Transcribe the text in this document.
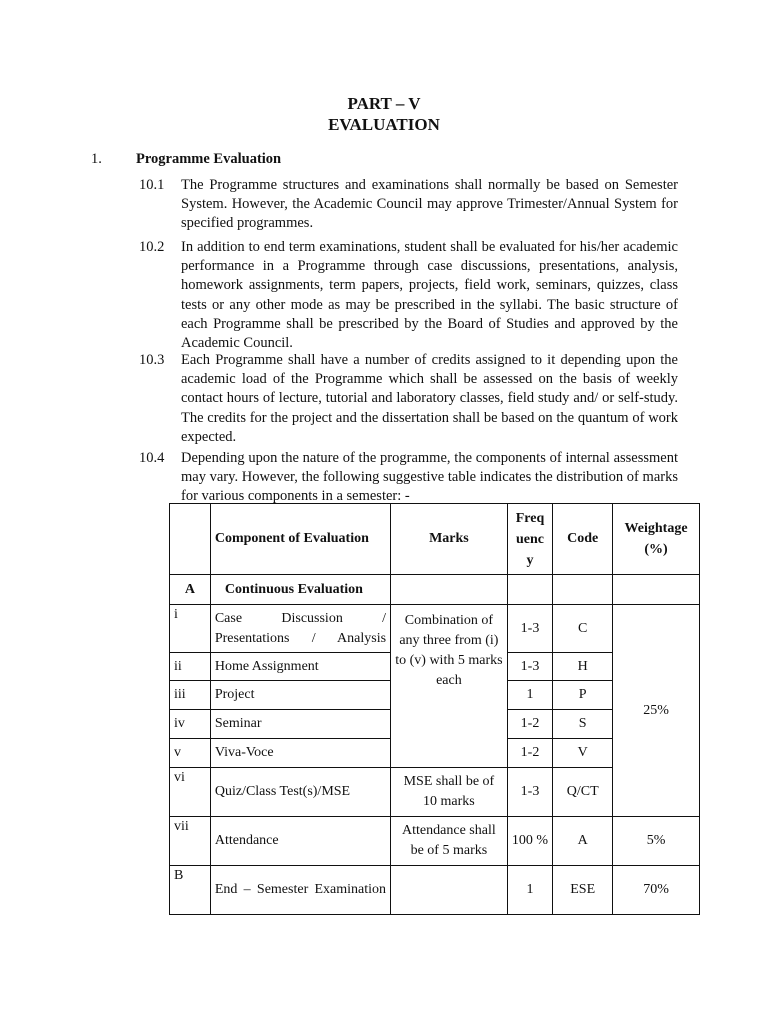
PART – V
EVALUATION
1. Programme Evaluation
10.1 The Programme structures and examinations shall normally be based on Semester System. However, the Academic Council may approve Trimester/Annual System for specified programmes.
10.2 In addition to end term examinations, student shall be evaluated for his/her academic performance in a Programme through case discussions, presentations, analysis, homework assignments, term papers, projects, field work, seminars, quizzes, class tests or any other mode as may be prescribed in the syllabi. The basic structure of each Programme shall be prescribed by the Board of Studies and approved by the Academic Council.
10.3 Each Programme shall have a number of credits assigned to it depending upon the academic load of the Programme which shall be assessed on the basis of weekly contact hours of lecture, tutorial and laboratory classes, field study and/ or self-study. The credits for the project and the dissertation shall be based on the quantum of work expected.
10.4 Depending upon the nature of the programme, the components of internal assessment may vary. However, the following suggestive table indicates the distribution of marks for various components in a semester: -
	Component of Evaluation	Marks	Freq uenc y	Code	Weightage (%)
A	Continuous Evaluation				
i	Case Discussion / Presentations / Analysis	Combination of any three from (i) to (v) with 5 marks each	1-3	C	25%
ii	Home Assignment		1-3	H	
iii	Project		1	P	
iv	Seminar		1-2	S	
v	Viva-Voce		1-2	V	
vi	Quiz/Class Test(s)/MSE	MSE shall be of 10 marks	1-3	Q/CT	
vii	Attendance	Attendance shall be of 5 marks	100 %	A	5%
B	End – Semester Examination		1	ESE	70%
